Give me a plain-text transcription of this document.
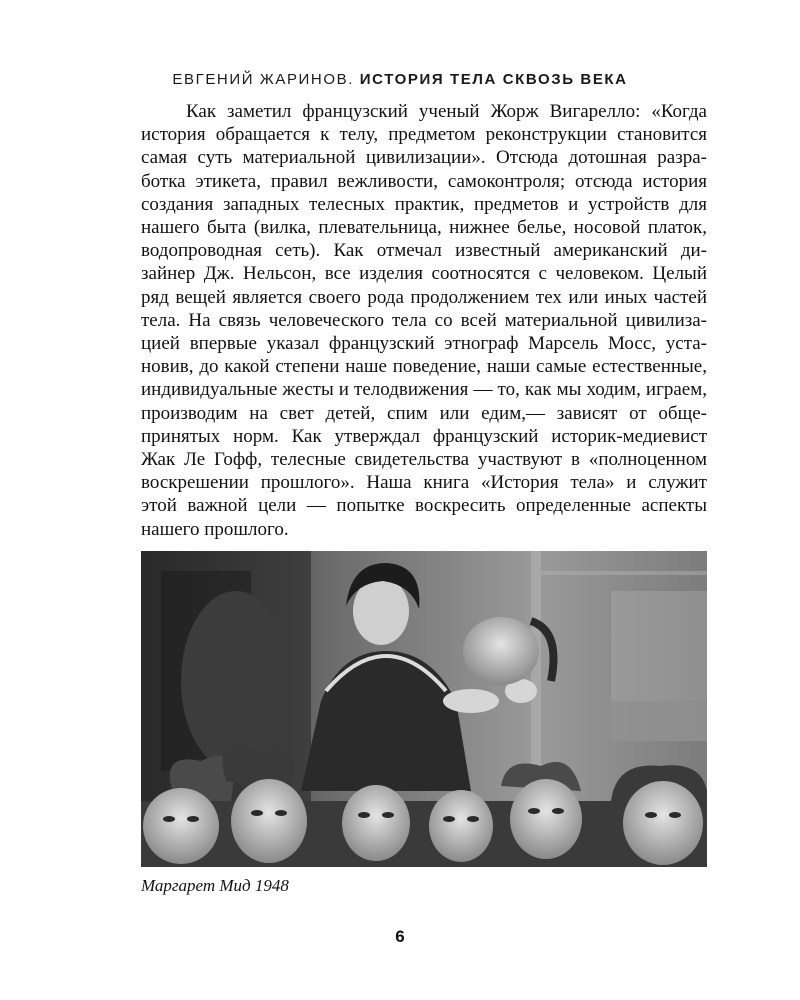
ЕВГЕНИЙ ЖАРИНОВ. ИСТОРИЯ ТЕЛА СКВОЗЬ ВЕКА
Как заметил французский ученый Жорж Вигарелло: «Когда
история обращается к телу, предметом реконструкции становится
самая суть материальной цивилизации». Отсюда дотошная разра-
ботка этикета, правил вежливости, самоконтроля; отсюда история
создания западных телесных практик, предметов и устройств для
нашего быта (вилка, плевательница, нижнее белье, носовой платок,
водопроводная сеть). Как отмечал известный американский ди-
зайнер Дж. Нельсон, все изделия соотносятся с человеком. Целый
ряд вещей является своего рода продолжением тех или иных частей
тела. На связь человеческого тела со всей материальной цивилиза-
цией впервые указал французский этнограф Марсель Мосс, уста-
новив, до какой степени наше поведение, наши самые естественные,
индивидуальные жесты и телодвижения — то, как мы ходим, играем,
производим на свет детей, спим или едим,— зависят от обще-
принятых норм. Как утверждал французский историк-медиевист
Жак Ле Гофф, телесные свидетельства участвуют в «полноценном
воскрешении прошлого». Наша книга «История тела» и служит
этой важной цели — попытке воскресить определенные аспекты
нашего прошлого.
Маргарет Мид 1948
6
